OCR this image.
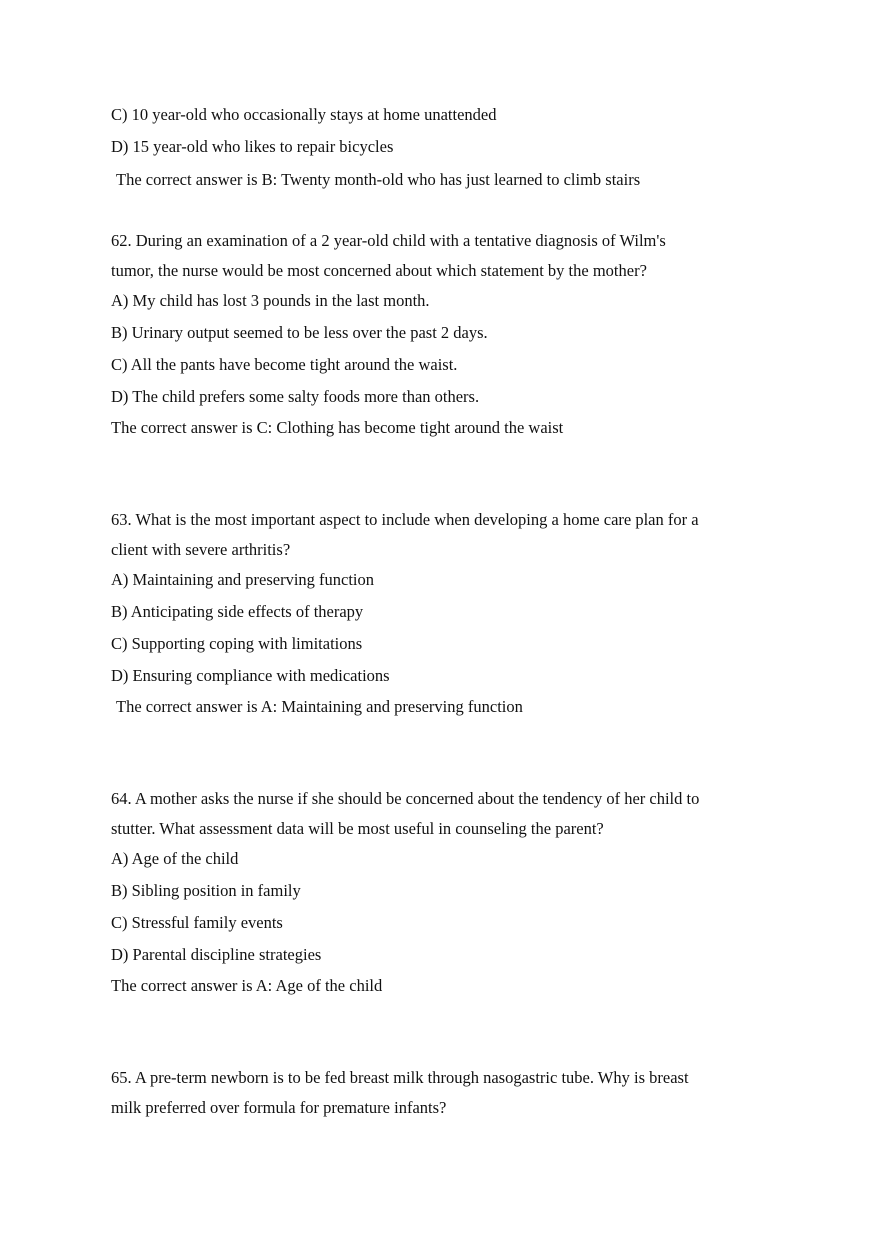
C) 10 year-old who occasionally stays at home unattended
D) 15 year-old who likes to repair bicycles
The correct answer is B: Twenty month-old who has just learned to climb stairs
62. During an examination of a 2 year-old child with a tentative diagnosis of Wilm's
tumor, the nurse would be most concerned about which statement by the mother?
A) My child has lost 3 pounds in the last month.
B) Urinary output seemed to be less over the past 2 days.
C) All the pants have become tight around the waist.
D) The child prefers some salty foods more than others.
The correct answer is C: Clothing has become tight around the waist
63. What is the most important aspect to include when developing a home care plan for a
client with severe arthritis?
A) Maintaining and preserving function
B) Anticipating side effects of therapy
C) Supporting coping with limitations
D) Ensuring compliance with medications
The correct answer is A: Maintaining and preserving function
64. A mother asks the nurse if she should be concerned about the tendency of her child to
stutter. What assessment data will be most useful in counseling the parent?
A) Age of the child
B) Sibling position in family
C) Stressful family events
D) Parental discipline strategies
The correct answer is A: Age of the child
65. A pre-term newborn is to be fed breast milk through nasogastric tube. Why is breast
milk preferred over formula for premature infants?
